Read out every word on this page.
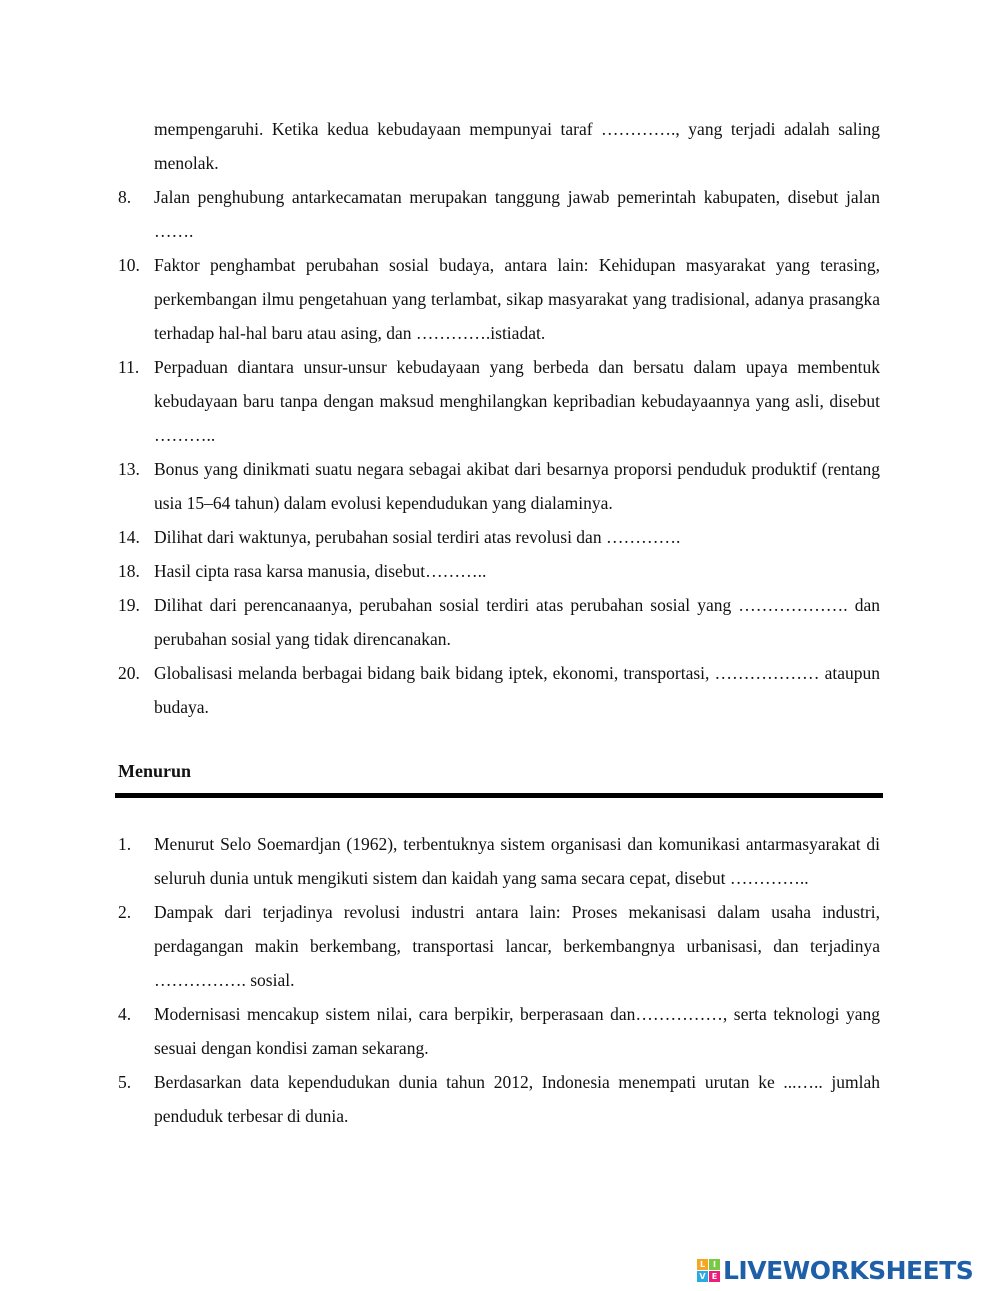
mempengaruhi. Ketika kedua kebudayaan mempunyai taraf …………., yang terjadi adalah saling menolak.
8.	Jalan penghubung antarkecamatan merupakan tanggung jawab pemerintah kabupaten, disebut jalan …….
10. Faktor penghambat perubahan sosial budaya, antara lain: Kehidupan masyarakat yang terasing, perkembangan ilmu pengetahuan yang terlambat, sikap masyarakat yang tradisional, adanya prasangka terhadap hal-hal baru atau asing, dan ………….istiadat.
11. Perpaduan diantara unsur-unsur kebudayaan yang berbeda dan bersatu dalam upaya membentuk kebudayaan baru tanpa dengan maksud menghilangkan kepribadian kebudayaannya yang asli, disebut ………..
13. Bonus yang dinikmati suatu negara sebagai akibat dari besarnya proporsi penduduk produktif (rentang usia 15–64 tahun) dalam evolusi kependudukan yang dialaminya.
14. Dilihat dari waktunya, perubahan sosial terdiri atas revolusi dan ………….
18. Hasil cipta rasa karsa manusia, disebut………..
19. Dilihat dari perencanaanya, perubahan sosial terdiri atas perubahan sosial yang ………………. dan perubahan sosial yang tidak direncanakan.
20. Globalisasi melanda berbagai bidang baik bidang iptek, ekonomi, transportasi, ……………… ataupun budaya.
Menurun
1.	Menurut Selo Soemardjan (1962), terbentuknya sistem organisasi dan komunikasi antarmasyarakat di seluruh dunia untuk mengikuti sistem dan kaidah yang sama secara cepat, disebut …………..
2.	Dampak dari terjadinya revolusi industri antara lain: Proses mekanisasi dalam usaha industri, perdagangan makin berkembang, transportasi lancar, berkembangnya urbanisasi, dan terjadinya ……………. sosial.
4.	Modernisasi mencakup sistem nilai, cara berpikir, berperasaan dan……………, serta teknologi yang sesuai dengan kondisi zaman sekarang.
5.	Berdasarkan data kependudukan dunia tahun 2012, Indonesia menempati urutan ke ...….. jumlah penduduk terbesar di dunia.
L I
V E LIVEWORKSHEETS
